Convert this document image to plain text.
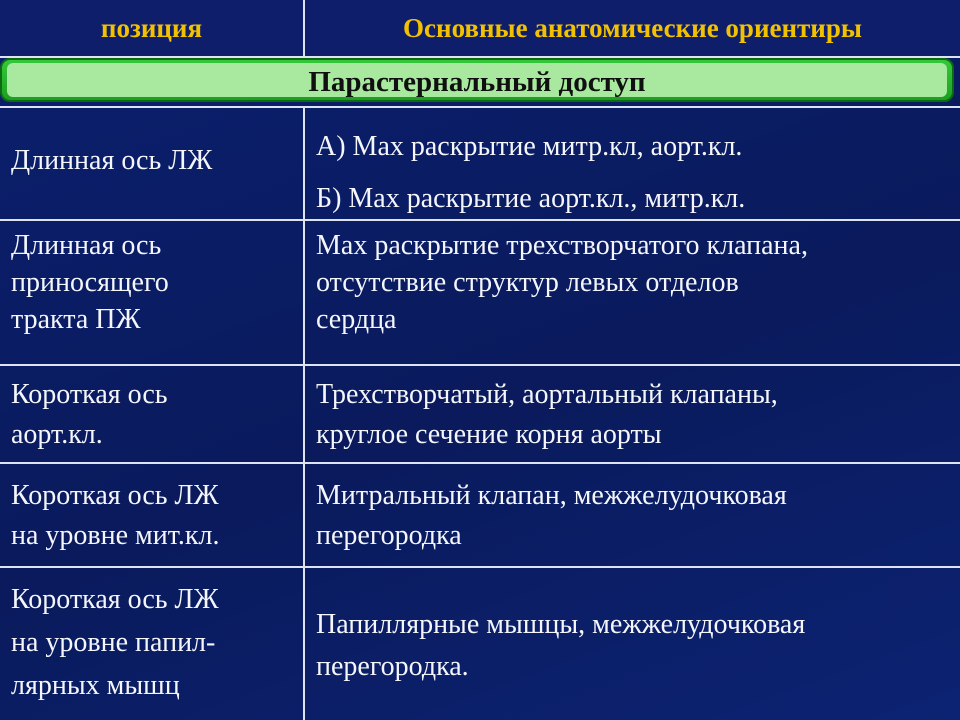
позиция	Основные анатомические ориентиры
Парастернальный доступ
Длинная ось ЛЖ	А) Max раскрытие митр.кл, аорт.кл.
Б) Max раскрытие аорт.кл., митр.кл.
Длинная ось
приносящего
тракта ПЖ
Max раскрытие трехстворчатого клапана,
отсутствие структур левых отделов
сердца
Короткая ось
аорт.кл.
Трехстворчатый, аортальный клапаны,
круглое сечение корня аорты
Короткая ось ЛЖ
на уровне мит.кл.
Митральный клапан, межжелудочковая
перегородка
Короткая ось ЛЖ
на уровне папил-
лярных мышц
Папиллярные мышцы, межжелудочковая
перегородка.
